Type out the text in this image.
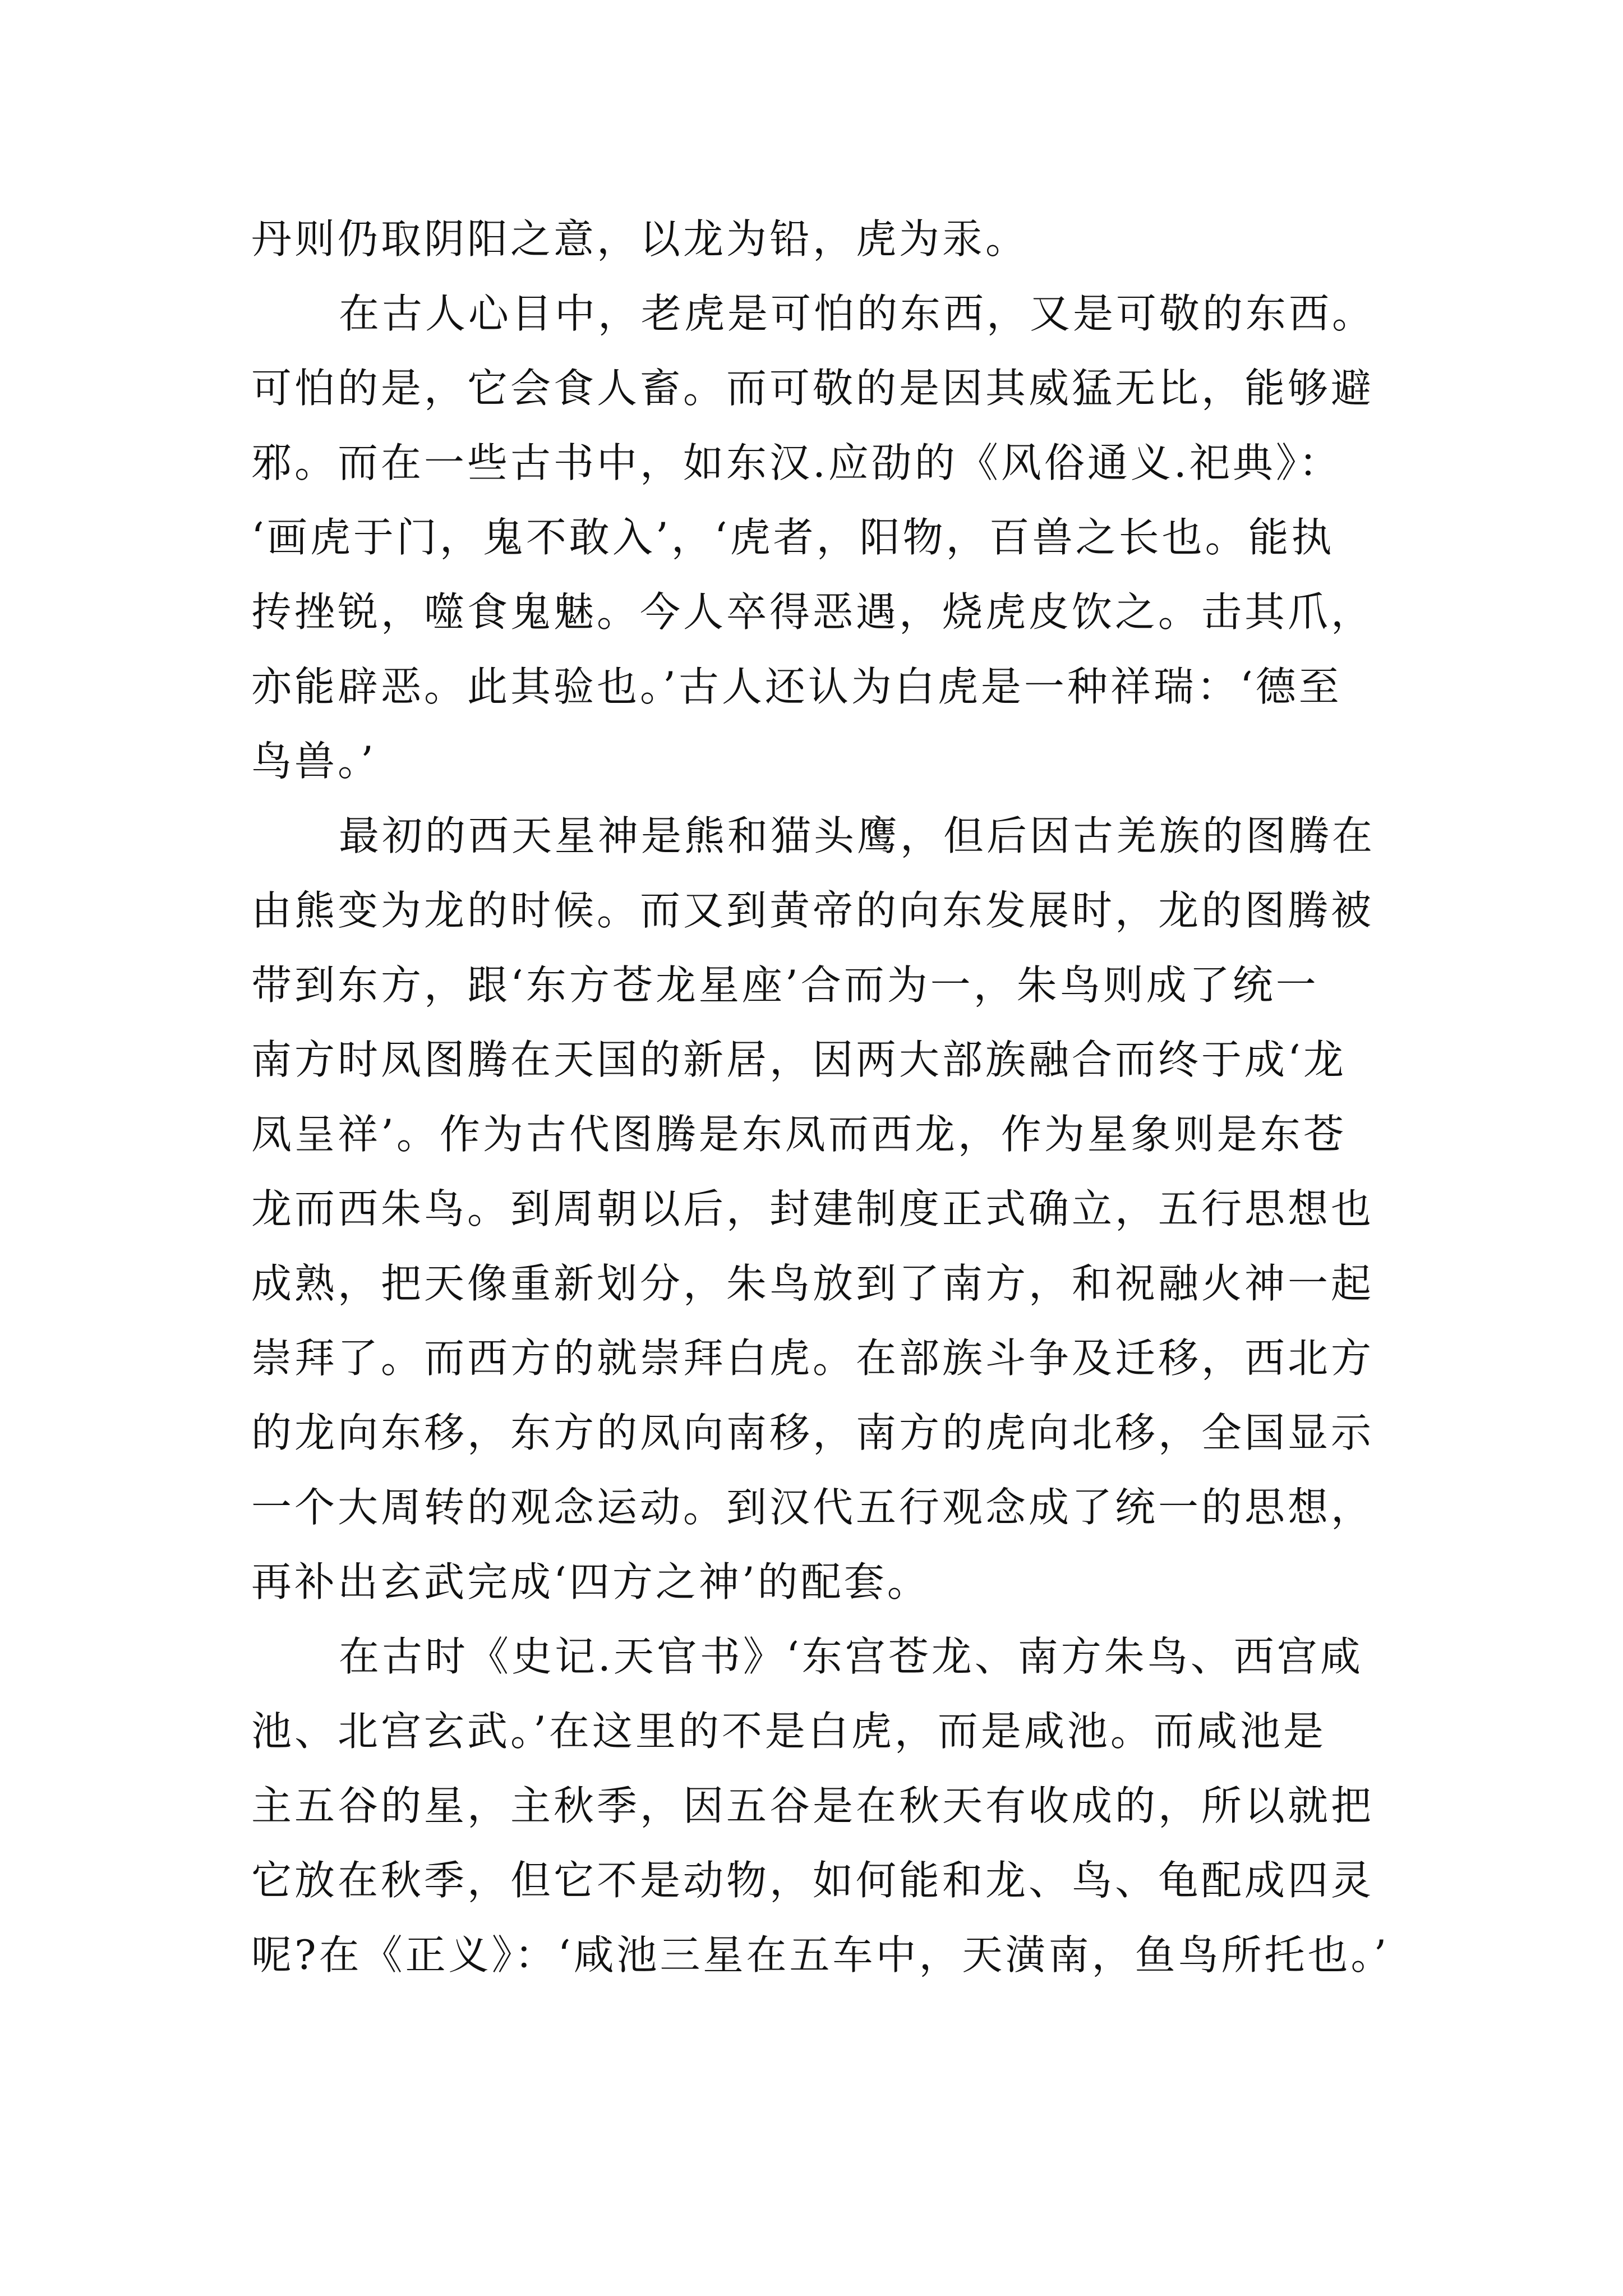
丹则仍取阴阳之意，以龙为铅，虎为汞。
在古人心目中，老虎是可怕的东西，又是可敬的东西。
可怕的是，它会食人畜。而可敬的是因其威猛无比，能够避
邪。而在一些古书中，如东汉.应劭的《风俗通义.祀典》：
‘画虎于门，鬼不敢入’，‘虎者，阳物，百兽之长也。能执
抟挫锐，噬食鬼魅。今人卒得恶遇，烧虎皮饮之。击其爪，
亦能辟恶。此其验也。’古人还认为白虎是一种祥瑞：‘德至
鸟兽。’
最初的西天星神是熊和猫头鹰，但后因古羌族的图腾在
由熊变为龙的时候。而又到黄帝的向东发展时，龙的图腾被
带到东方，跟‘东方苍龙星座’合而为一，朱鸟则成了统一
南方时凤图腾在天国的新居，因两大部族融合而终于成‘龙
凤呈祥’。作为古代图腾是东凤而西龙，作为星象则是东苍
龙而西朱鸟。到周朝以后，封建制度正式确立，五行思想也
成熟，把天像重新划分，朱鸟放到了南方，和祝融火神一起
崇拜了。而西方的就崇拜白虎。在部族斗争及迁移，西北方
的龙向东移，东方的凤向南移，南方的虎向北移，全国显示
一个大周转的观念运动。到汉代五行观念成了统一的思想，
再补出玄武完成‘四方之神’的配套。
在古时《史记.天官书》‘东宫苍龙、南方朱鸟、西宫咸
池、北宫玄武。’在这里的不是白虎，而是咸池。而咸池是
主五谷的星，主秋季，因五谷是在秋天有收成的，所以就把
它放在秋季，但它不是动物，如何能和龙、鸟、龟配成四灵
呢?在《正义》：‘咸池三星在五车中，天潢南，鱼鸟所托也。’
